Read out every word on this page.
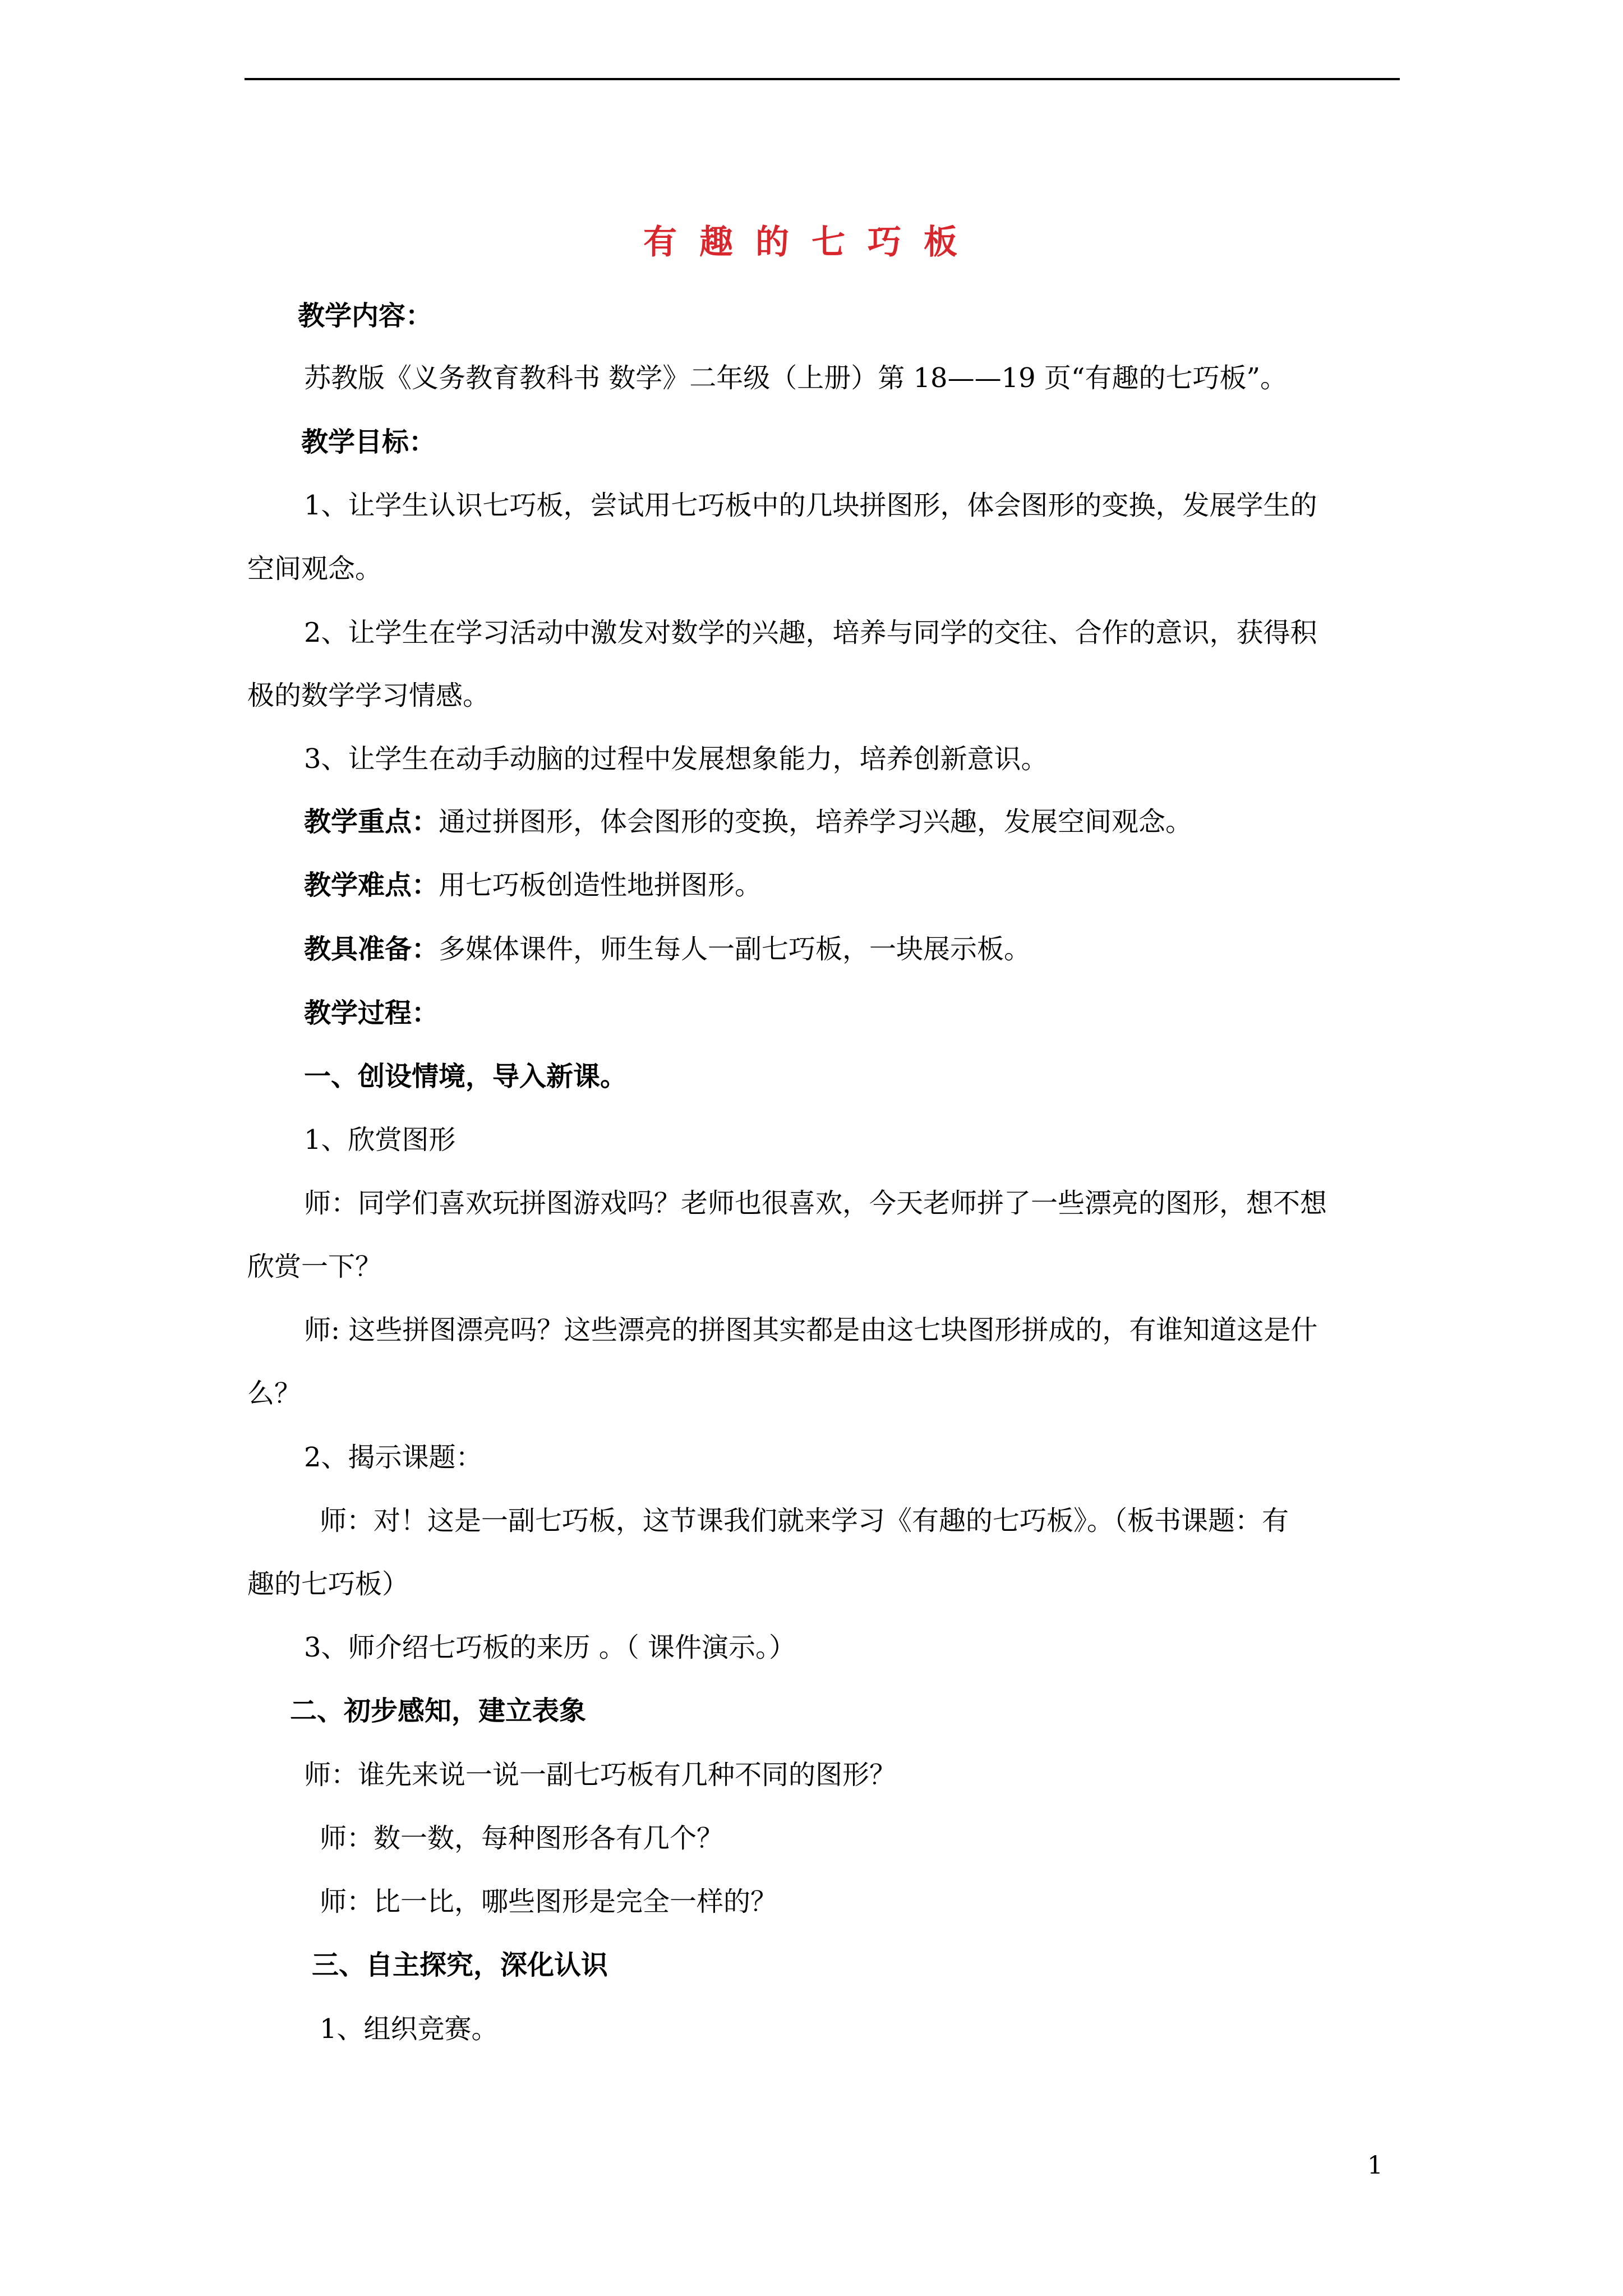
有趣的七巧板
教学内容：
苏教版《义务教育教科书 数学》二年级（上册）第 18——19 页“有趣的七巧板”。
教学目标：
1、让学生认识七巧板，尝试用七巧板中的几块拼图形，体会图形的变换，发展学生的
空间观念。
2、让学生在学习活动中激发对数学的兴趣，培养与同学的交往、合作的意识，获得积
极的数学学习情感。
3、让学生在动手动脑的过程中发展想象能力，培养创新意识。
教学重点：通过拼图形，体会图形的变换，培养学习兴趣，发展空间观念。
教学难点：用七巧板创造性地拼图形。
教具准备：多媒体课件，师生每人一副七巧板，一块展示板。
教学过程：
一、创设情境，导入新课。
1、欣赏图形
师：同学们喜欢玩拼图游戏吗？老师也很喜欢，今天老师拼了一些漂亮的图形，想不想
欣赏一下？
师: 这些拼图漂亮吗？这些漂亮的拼图其实都是由这七块图形拼成的，有谁知道这是什
么？
2、揭示课题：
师：对！这是一副七巧板，这节课我们就来学习《有趣的七巧板》。（板书课题：有
趣的七巧板）
3、师介绍七巧板的来历 。（ 课件演示。）
二、初步感知，建立表象
师：谁先来说一说一副七巧板有几种不同的图形？
师：数一数，每种图形各有几个？
师：比一比，哪些图形是完全一样的？
三、自主探究，深化认识
1、组织竞赛。
1
